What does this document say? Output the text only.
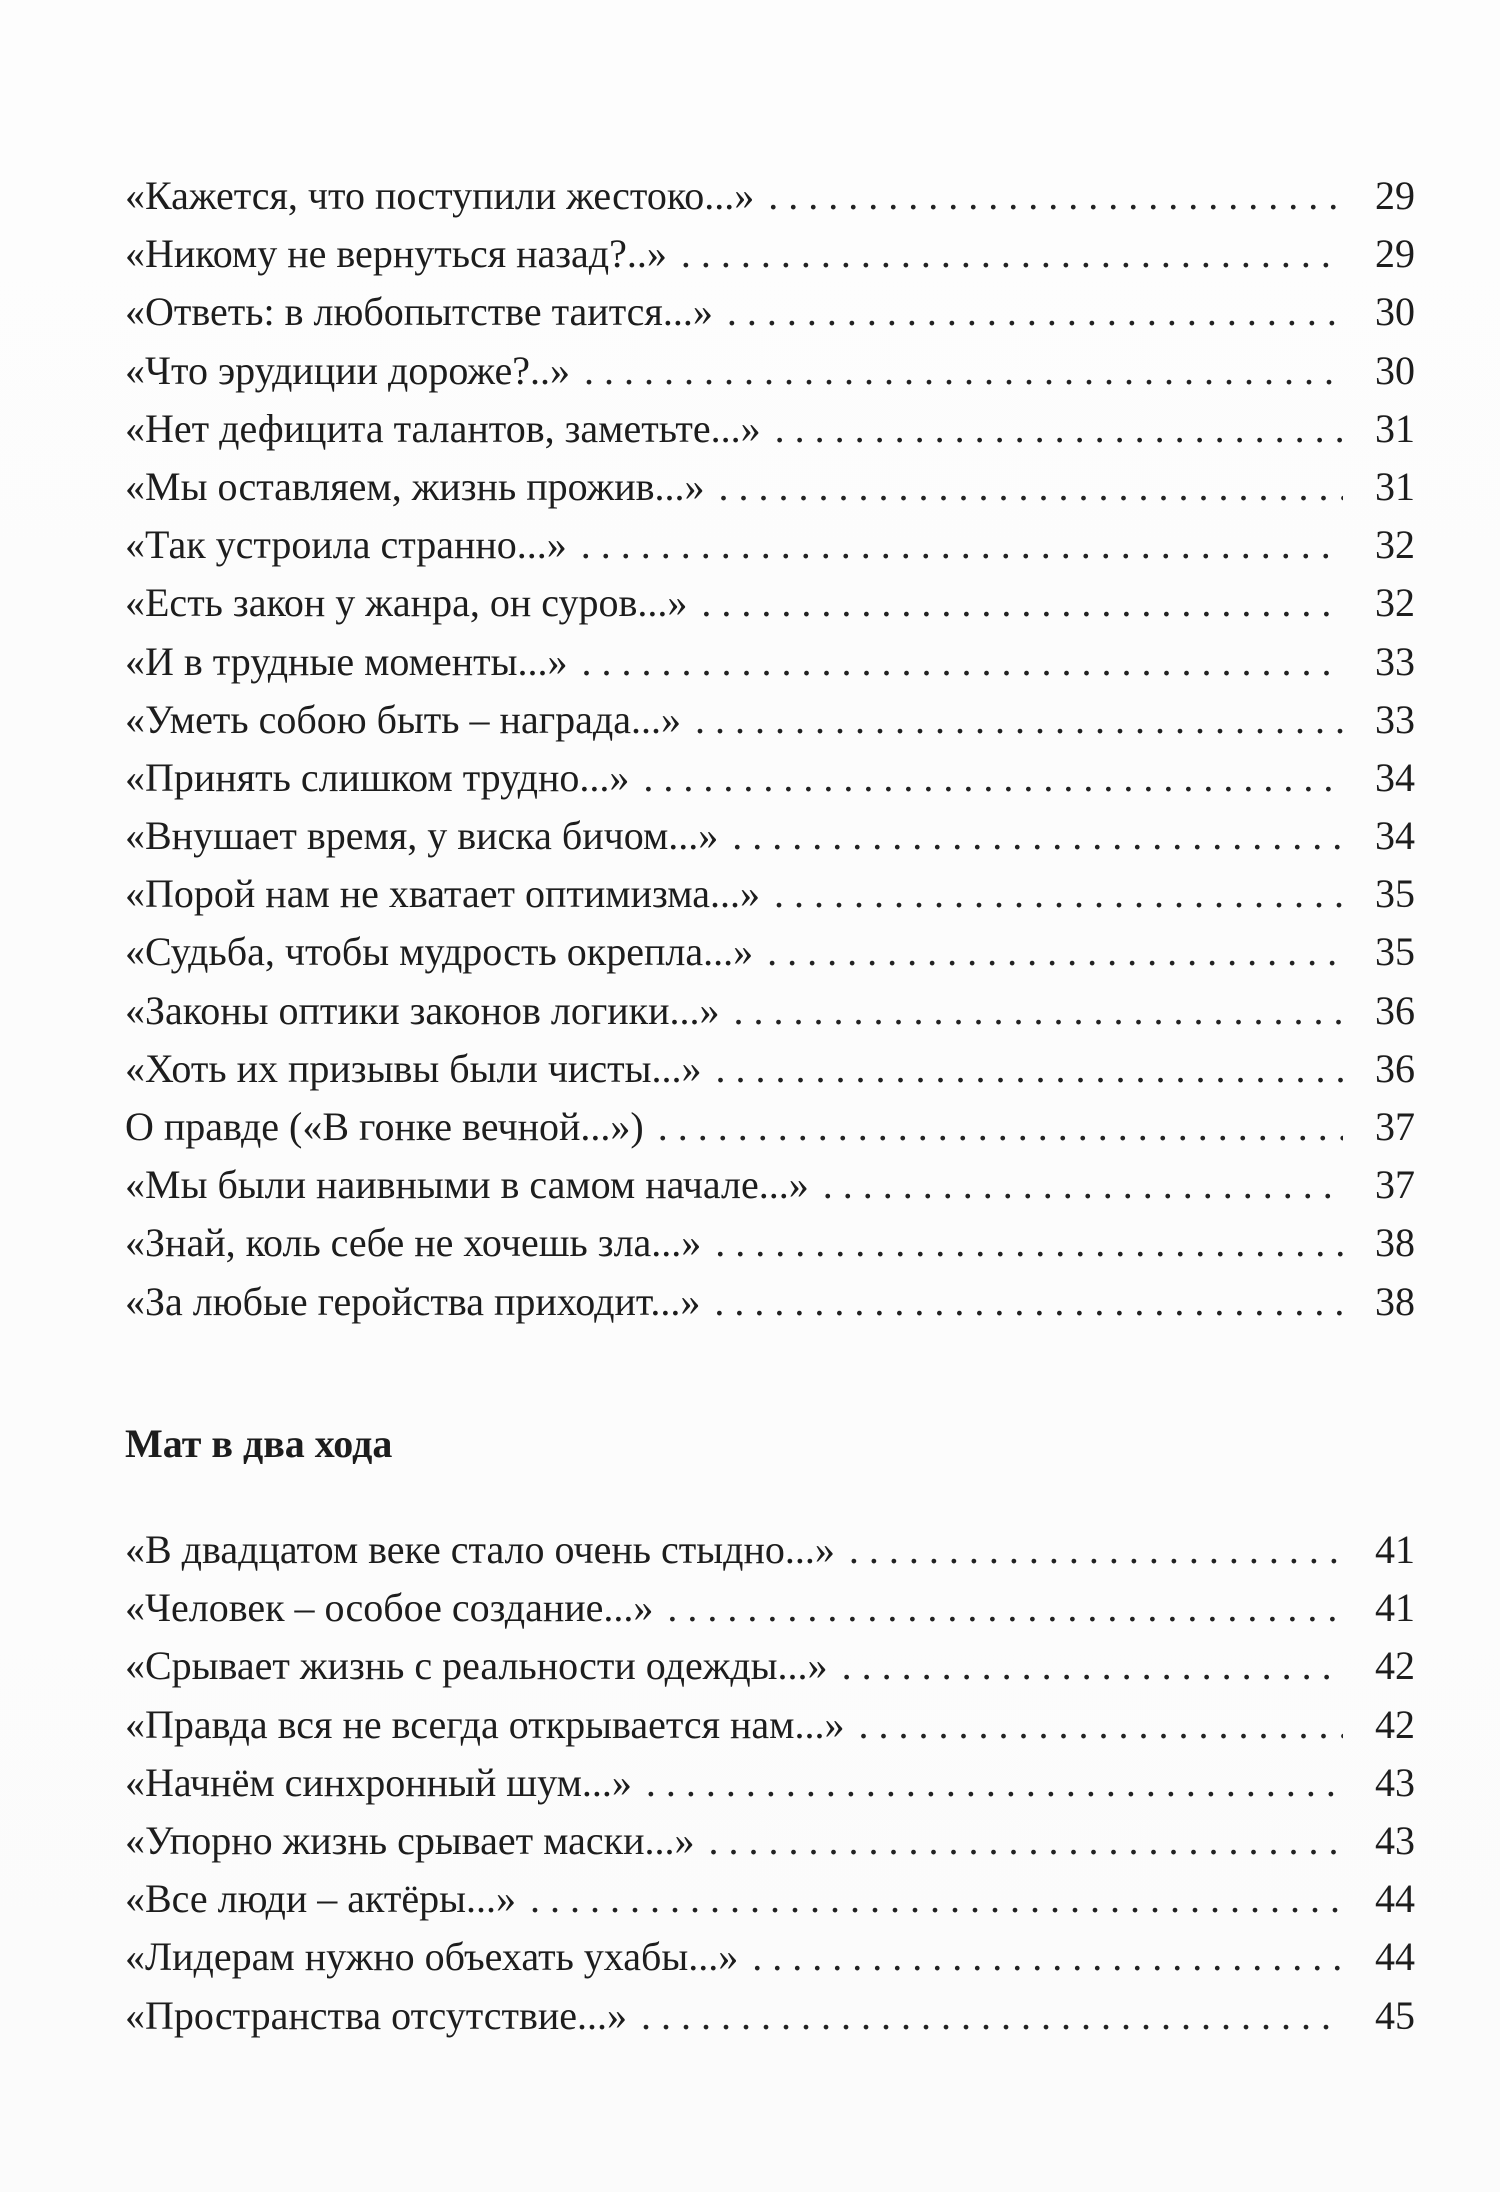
«Кажется, что поступили жестоко...» . . .	29
«Никому не вернуться назад?..» . . .	29
«Ответь: в любопытстве таится...» . . .	30
«Что эрудиции дороже?..» . . .	30
«Нет дефицита талантов, заметьте...» . . .	31
«Мы оставляем, жизнь прожив...» . . .	31
«Так устроила странно...» . . .	32
«Есть закон у жанра, он суров...» . . .	32
«И в трудные моменты...» . . .	33
«Уметь собою быть – награда...» . . .	33
«Принять слишком трудно...» . . .	34
«Внушает время, у виска бичом...» . . .	34
«Порой нам не хватает оптимизма...» . . .	35
«Судьба, чтобы мудрость окрепла...» . . .	35
«Законы оптики законов логики...» . . .	36
«Хоть их призывы были чисты...» . . .	36
О правде («В гонке вечной...») . . .	37
«Мы были наивными в самом начале...» . . .	37
«Знай, коль себе не хочешь зла...» . . .	38
«За любые геройства приходит...» . . .	38
Мат в два хода
«В двадцатом веке стало очень стыдно...» . . .	41
«Человек – особое создание...» . . .	41
«Срывает жизнь с реальности одежды...» . . .	42
«Правда вся не всегда открывается нам...» . . .	42
«Начнём синхронный шум...» . . .	43
«Упорно жизнь срывает маски...» . . .	43
«Все люди – актёры...» . . .	44
«Лидерам нужно объехать ухабы...» . . .	44
«Пространства отсутствие...» . . .	45
